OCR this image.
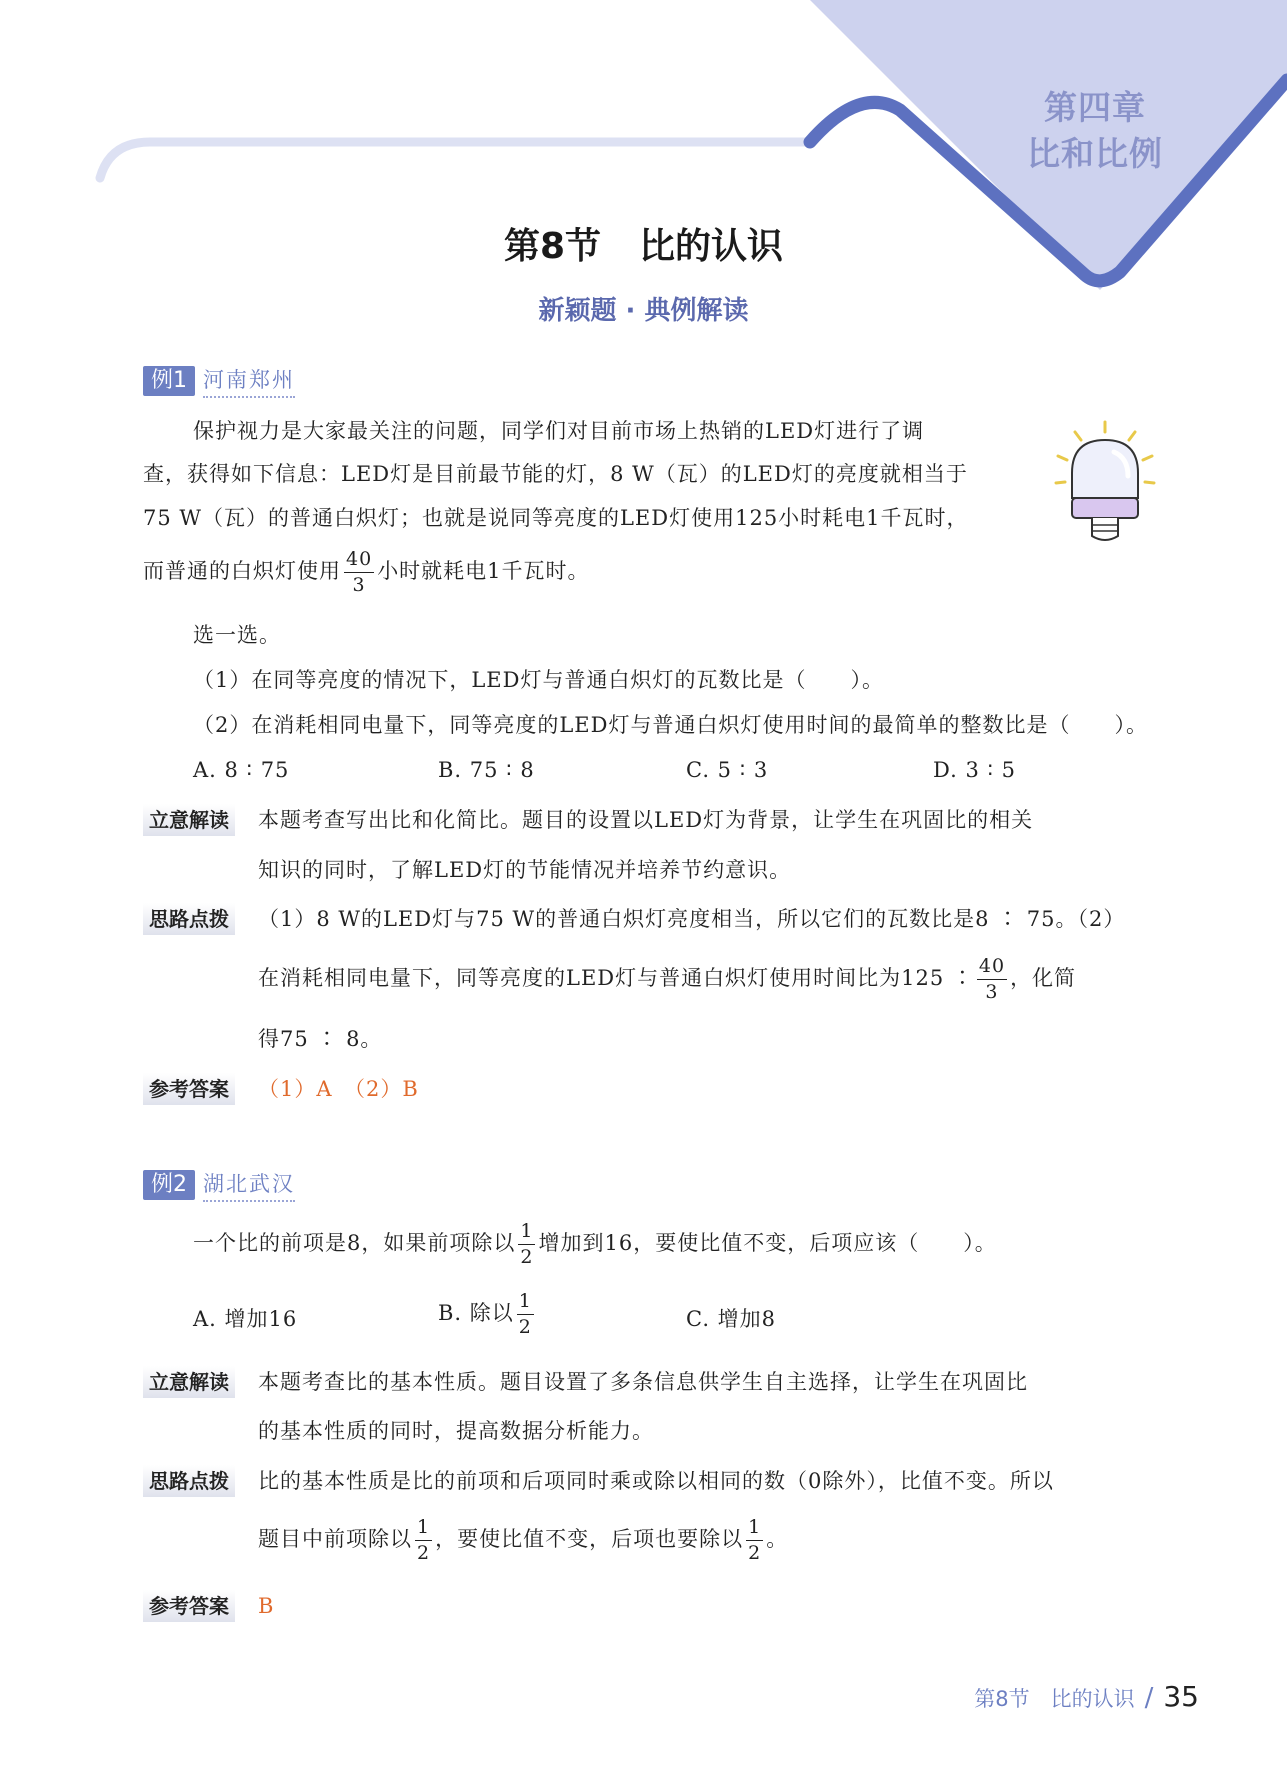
第四章
比和比例
第8节 比的认识
新颖题 · 典例解读
例1 河南郑州
保护视力是大家最关注的问题，同学们对目前市场上热销的LED灯进行了调
查，获得如下信息：LED灯是目前最节能的灯，8 W（瓦）的LED灯的亮度就相当于
75 W（瓦）的普通白炽灯；也就是说同等亮度的LED灯使用125小时耗电1千瓦时，
而普通的白炽灯使用 $\frac{40}{3}$ 小时就耗电1千瓦时。
选一选。
（1）在同等亮度的情况下，LED灯与普通白炽灯的瓦数比是（　　）。
（2）在消耗相同电量下，同等亮度的LED灯与普通白炽灯使用时间的最简单的整数比是（　　）。
A. 8 ∶ 75	B. 75 ∶ 8	C. 5 ∶ 3	D. 3 ∶ 5
立意解读 本题考查写出比和化简比。题目的设置以LED灯为背景，让学生在巩固比的相关
知识的同时，了解LED灯的节能情况并培养节约意识。
思路点拨 （1）8 W的LED灯与75 W的普通白炽灯亮度相当，所以它们的瓦数比是8 ∶ 75。（2）
在消耗相同电量下，同等亮度的LED灯与普通白炽灯使用时间比为125 ∶ $\frac{40}{3}$ ，化简
得75 ∶ 8。
参考答案 （1）A　（2）B
例2 湖北武汉
一个比的前项是8，如果前项除以 $\frac{1}{2}$ 增加到16，要使比值不变，后项应该（　　）。
A. 增加16	B. 除以 $\frac{1}{2}$	C. 增加8
立意解读 本题考查比的基本性质。题目设置了多条信息供学生自主选择，让学生在巩固比
的基本性质的同时，提高数据分析能力。
思路点拨 比的基本性质是比的前项和后项同时乘或除以相同的数（0除外），比值不变。所以
题目中前项除以 $\frac{1}{2}$ ，要使比值不变，后项也要除以 $\frac{1}{2}$ 。
参考答案 B
第8节　比的认识 / 35
